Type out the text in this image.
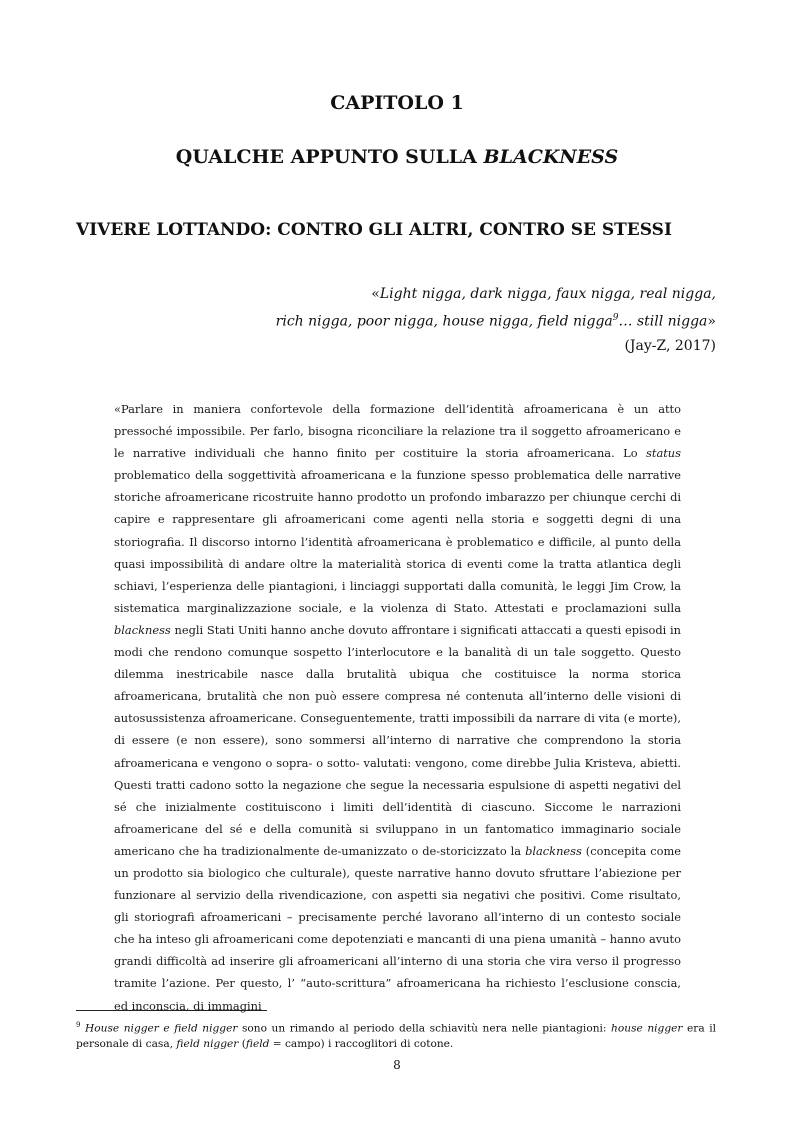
CAPITOLO 1
QUALCHE APPUNTO SULLA BLACKNESS
VIVERE LOTTANDO: CONTRO GLI ALTRI, CONTRO SE STESSI
«Light nigga, dark nigga, faux nigga, real nigga,
rich nigga, poor nigga, house nigga, field nigga$^9$… still nigga»
(Jay-Z, 2017)

«Parlare in maniera confortevole della formazione dell’identità afroamericana è un atto pressoché impossibile. Per farlo, bisogna riconciliare la relazione tra il soggetto afroamericano e le narrative individuali che hanno finito per costituire la storia afroamericana. Lo status problematico della soggettività afroamericana e la funzione spesso problematica delle narrative storiche afroamericane ricostruite hanno prodotto un profondo imbarazzo per chiunque cerchi di capire e rappresentare gli afroamericani come agenti nella storia e soggetti degni di una storiografia. Il discorso intorno l’identità afroamericana è problematico e difficile, al punto della quasi impossibilità di andare oltre la materialità storica di eventi come la tratta atlantica degli schiavi, l’esperienza delle piantagioni, i linciaggi supportati dalla comunità, le leggi Jim Crow, la sistematica marginalizzazione sociale, e la violenza di Stato. Attestati e proclamazioni sulla blackness negli Stati Uniti hanno anche dovuto affrontare i significati attaccati a questi episodi in modi che rendono comunque sospetto l’interlocutore e la banalità di un tale soggetto. Questo dilemma inestricabile nasce dalla brutalità ubiqua che costituisce la norma storica afroamericana, brutalità che non può essere compresa né contenuta all’interno delle visioni di autosussistenza afroamericane. Conseguentemente, tratti impossibili da narrare di vita (e morte), di essere (e non essere), sono sommersi all’interno di narrative che comprendono la storia afroamericana e vengono o sopra- o sotto- valutati: vengono, come direbbe Julia Kristeva, abietti. Questi tratti cadono sotto la negazione che segue la necessaria espulsione di aspetti negativi del sé che inizialmente costituiscono i limiti dell’identità di ciascuno. Siccome le narrazioni afroamericane del sé e della comunità si sviluppano in un fantomatico immaginario sociale americano che ha tradizionalmente de-umanizzato o de-storicizzato la blackness (concepita come un prodotto sia biologico che culturale), queste narrative hanno dovuto sfruttare l’abiezione per funzionare al servizio della rivendicazione, con aspetti sia negativi che positivi. Come risultato, gli storiografi afroamericani – precisamente perché lavorano all’interno di un contesto sociale che ha inteso gli afroamericani come depotenziati e mancanti di una piena umanità – hanno avuto grandi difficoltà ad inserire gli afroamericani all’interno di una storia che vira verso il progresso tramite l’azione. Per questo, l’ “auto-scrittura” afroamericana ha richiesto l’esclusione conscia, ed inconscia, di immagini

$^9$ House nigger e field nigger sono un rimando al periodo della schiavitù nera nelle piantagioni: house nigger era il personale di casa, field nigger (field = campo) i raccoglitori di cotone.

8
